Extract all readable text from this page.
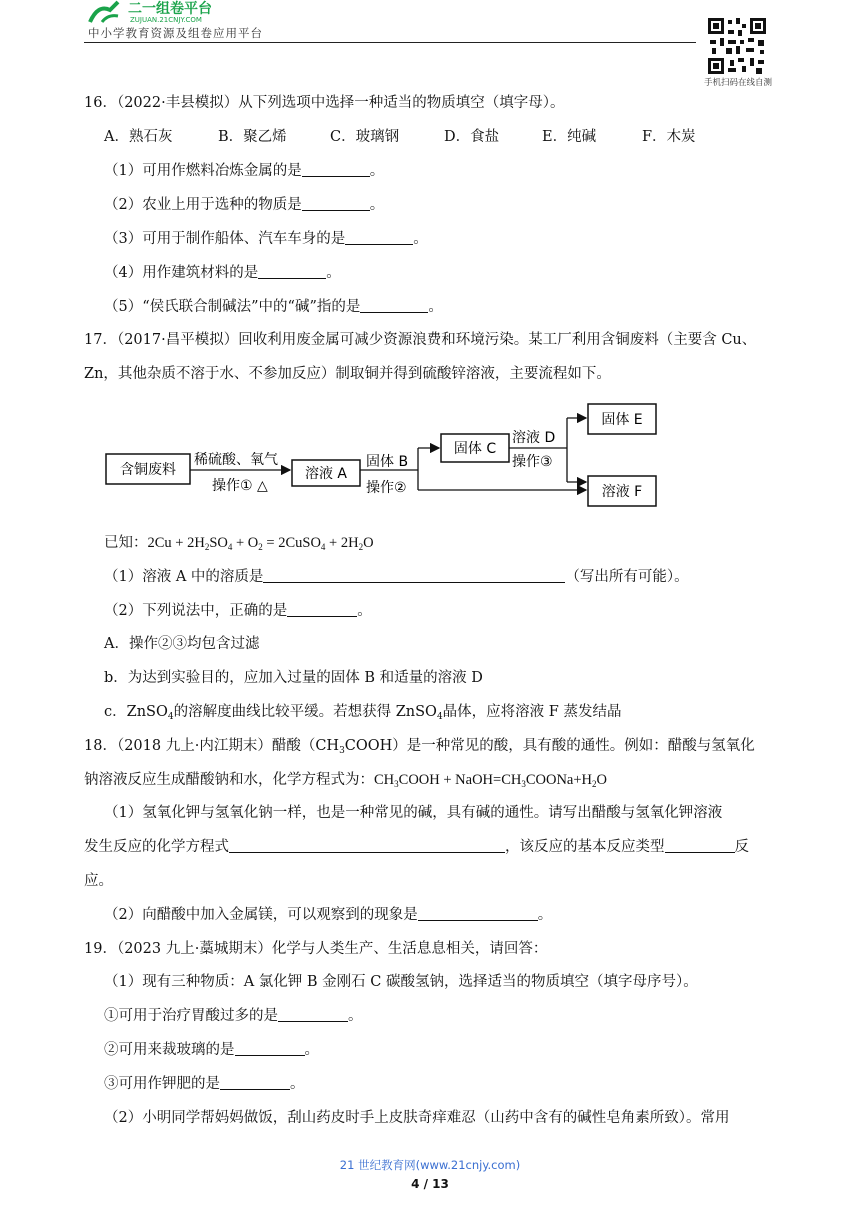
二一组卷平台
ZUJUAN.21CNJY.COM
中小学教育资源及组卷应用平台
手机扫码在线自测
16．（2022·丰县模拟）从下列选项中选择一种适当的物质填空（填字母）。
A．熟石灰	B．聚乙烯	C．玻璃钢	D．食盐	E．纯碱	F．木炭
（1）可用作燃料冶炼金属的是	。
（2）农业上用于选种的物质是	。
（3）可用于制作船体、汽车车身的是	。
（4）用作建筑材料的是	。
（5）“侯氏联合制碱法”中的“碱”指的是	。
17．（2017·昌平模拟）回收利用废金属可减少资源浪费和环境污染。某工厂利用含铜废料（主要含 Cu、
Zn，其他杂质不溶于水、不参加反应）制取铜并得到硫酸锌溶液，主要流程如下。
含铜废料	溶液 A
固体 C
固体 E
溶液 F
稀硫酸、氧气
操作① △
固体 B
操作②
溶液 D
操作③
已知：$2Cu + 2H_2SO_4 + O_2$ = 2CuSO$_4$ + $2H_2O$
（1）溶液 A 中的溶质是	（写出所有可能）。
（2）下列说法中，正确的是	。
A．操作②③均包含过滤
b．为达到实验目的，应加入过量的固体 B 和适量的溶液 D
c．ZnSO$_4$的溶解度曲线比较平缓。若想获得 ZnSO$_4$晶体，应将溶液 F 蒸发结晶
18．（2018 九上·内江期末）醋酸$(CH_3COOH)$是一种常见的酸，具有酸的通性。例如：醋酸与氢氧化
钠溶液反应生成醋酸钠和水，化学方程式为：$CH_3COOH$ + $NaOH=CH_3COONa+H_2O$
（1）氢氧化钾与氢氧化钠一样，也是一种常见的碱，具有碱的通性。请写出醋酸与氢氧化钾溶液
发生反应的化学方程式	，该反应的基本反应类型	反
应。
（2）向醋酸中加入金属镁，可以观察到的现象是	。
19．（2023 九上·藁城期末）化学与人类生产、生活息息相关，请回答：
（1）现有三种物质：A 氯化钾 B 金刚石 C 碳酸氢钠，选择适当的物质填空（填字母序号）。
①可用于治疗胃酸过多的是	。
②可用来裁玻璃的是	。
③可用作钾肥的是	。
（2）小明同学帮妈妈做饭，刮山药皮时手上皮肤奇痒难忍（山药中含有的碱性皂角素所致）。常用
21 世纪教育网(www.21cnjy.com)
4 / 13
